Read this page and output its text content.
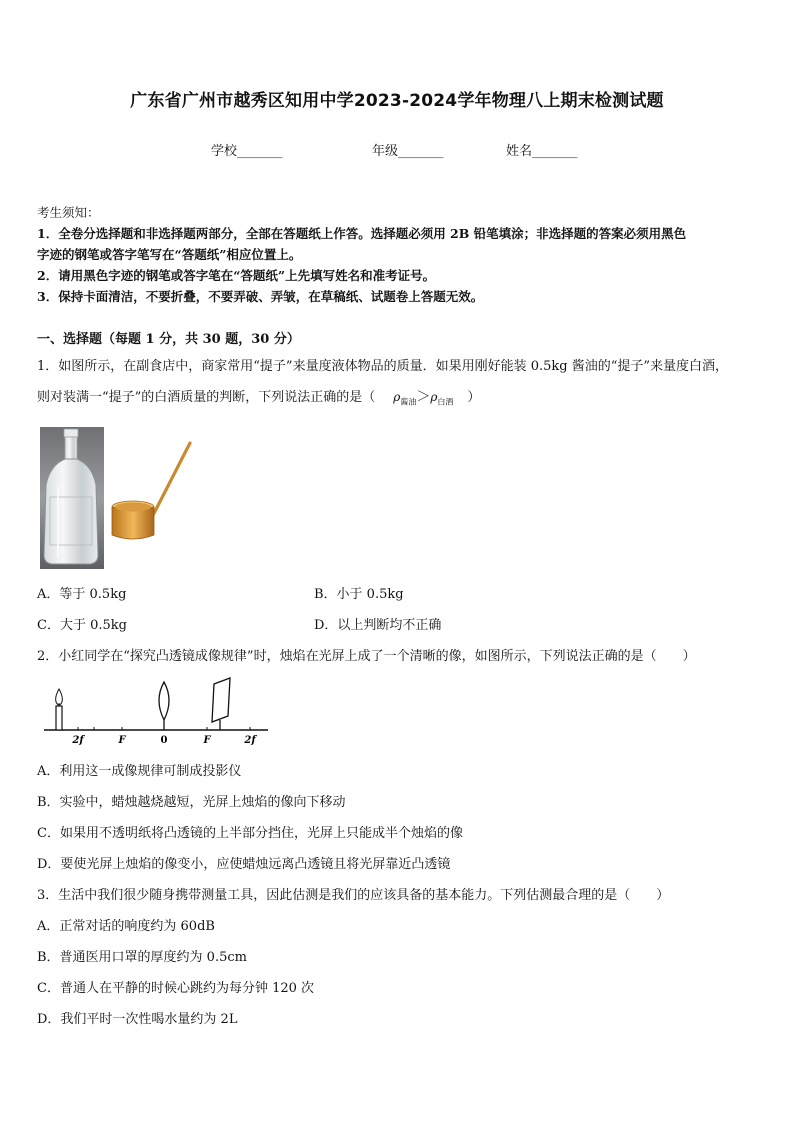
广东省广州市越秀区知用中学2023-2024学年物理八上期末检测试题
学校_______	年级_______	姓名_______
考生须知：
1．全卷分选择题和非选择题两部分，全部在答题纸上作答。选择题必须用 2B 铅笔填涂；非选择题的答案必须用黑色
字迹的钢笔或答字笔写在“答题纸”相应位置上。
2．请用黑色字迹的钢笔或答字笔在“答题纸”上先填写姓名和准考证号。
3．保持卡面清洁，不要折叠，不要弄破、弄皱，在草稿纸、试题卷上答题无效。
一、选择题（每题 1 分，共 30 题，30 分）
1．如图所示，在副食店中，商家常用“提子”来量度液体物品的质量．如果用刚好能装 0.5kg 酱油的“提子”来量度白酒，
则对装满一“提子”的白酒质量的判断，下列说法正确的是（ $\rho_{酱油}>\rho_{白酒}$ ）
A．等于 0.5kg	B．小于 0.5kg
C．大于 0.5kg	D．以上判断均不正确
2．小红同学在“探究凸透镜成像规律”时，烛焰在光屏上成了一个清晰的像，如图所示，下列说法正确的是（　　）
2f	F	0	F	2f
A．利用这一成像规律可制成投影仪
B．实验中，蜡烛越烧越短，光屏上烛焰的像向下移动
C．如果用不透明纸将凸透镜的上半部分挡住，光屏上只能成半个烛焰的像
D．要使光屏上烛焰的像变小，应使蜡烛远离凸透镜且将光屏靠近凸透镜
3．生活中我们很少随身携带测量工具，因此估测是我们的应该具备的基本能力。下列估测最合理的是（　　）
A．正常对话的响度约为 60dB
B．普通医用口罩的厚度约为 0.5cm
C．普通人在平静的时候心跳约为每分钟 120 次
D．我们平时一次性喝水量约为 2L
